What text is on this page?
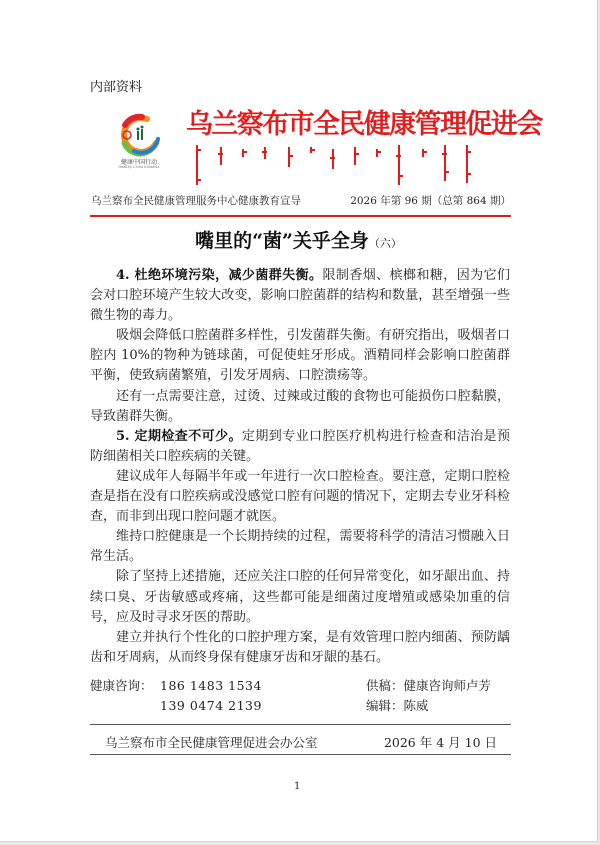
内部资料
健康中国行动
Healthy China Initiative
乌兰察布市全民健康管理促进会
乌兰察布全民健康管理服务中心健康教育宣导	2026 年第 96 期（总第 864 期）
嘴里的“菌”关乎全身（六）

4. 杜绝环境污染，减少菌群失衡。限制香烟、槟榔和糖，因为它们会对口腔环境产生较大改变，影响口腔菌群的结构和数量，甚至增强一些微生物的毒力。

吸烟会降低口腔菌群多样性，引发菌群失衡。有研究指出，吸烟者口腔内 10%的物种为链球菌，可促使蛀牙形成。酒精同样会影响口腔菌群平衡，使致病菌繁殖，引发牙周病、口腔溃疡等。

还有一点需要注意，过烫、过辣或过酸的食物也可能损伤口腔黏膜，导致菌群失衡。

5. 定期检查不可少。定期到专业口腔医疗机构进行检查和洁治是预防细菌相关口腔疾病的关键。

建议成年人每隔半年或一年进行一次口腔检查。要注意，定期口腔检查是指在没有口腔疾病或没感觉口腔有问题的情况下，定期去专业牙科检查，而非到出现口腔问题才就医。

维持口腔健康是一个长期持续的过程，需要将科学的清洁习惯融入日常生活。

除了坚持上述措施，还应关注口腔的任何异常变化，如牙龈出血、持续口臭、牙齿敏感或疼痛，这些都可能是细菌过度增殖或感染加重的信号，应及时寻求牙医的帮助。

建立并执行个性化的口腔护理方案，是有效管理口腔内细菌、预防龋齿和牙周病，从而终身保有健康牙齿和牙龈的基石。

健康咨询： 186 1483 1534
139 0474 2139
供稿：健康咨询师卢芳
编辑：陈威
乌兰察布市全民健康管理促进会办公室	2026 年 4 月 10 日
1
